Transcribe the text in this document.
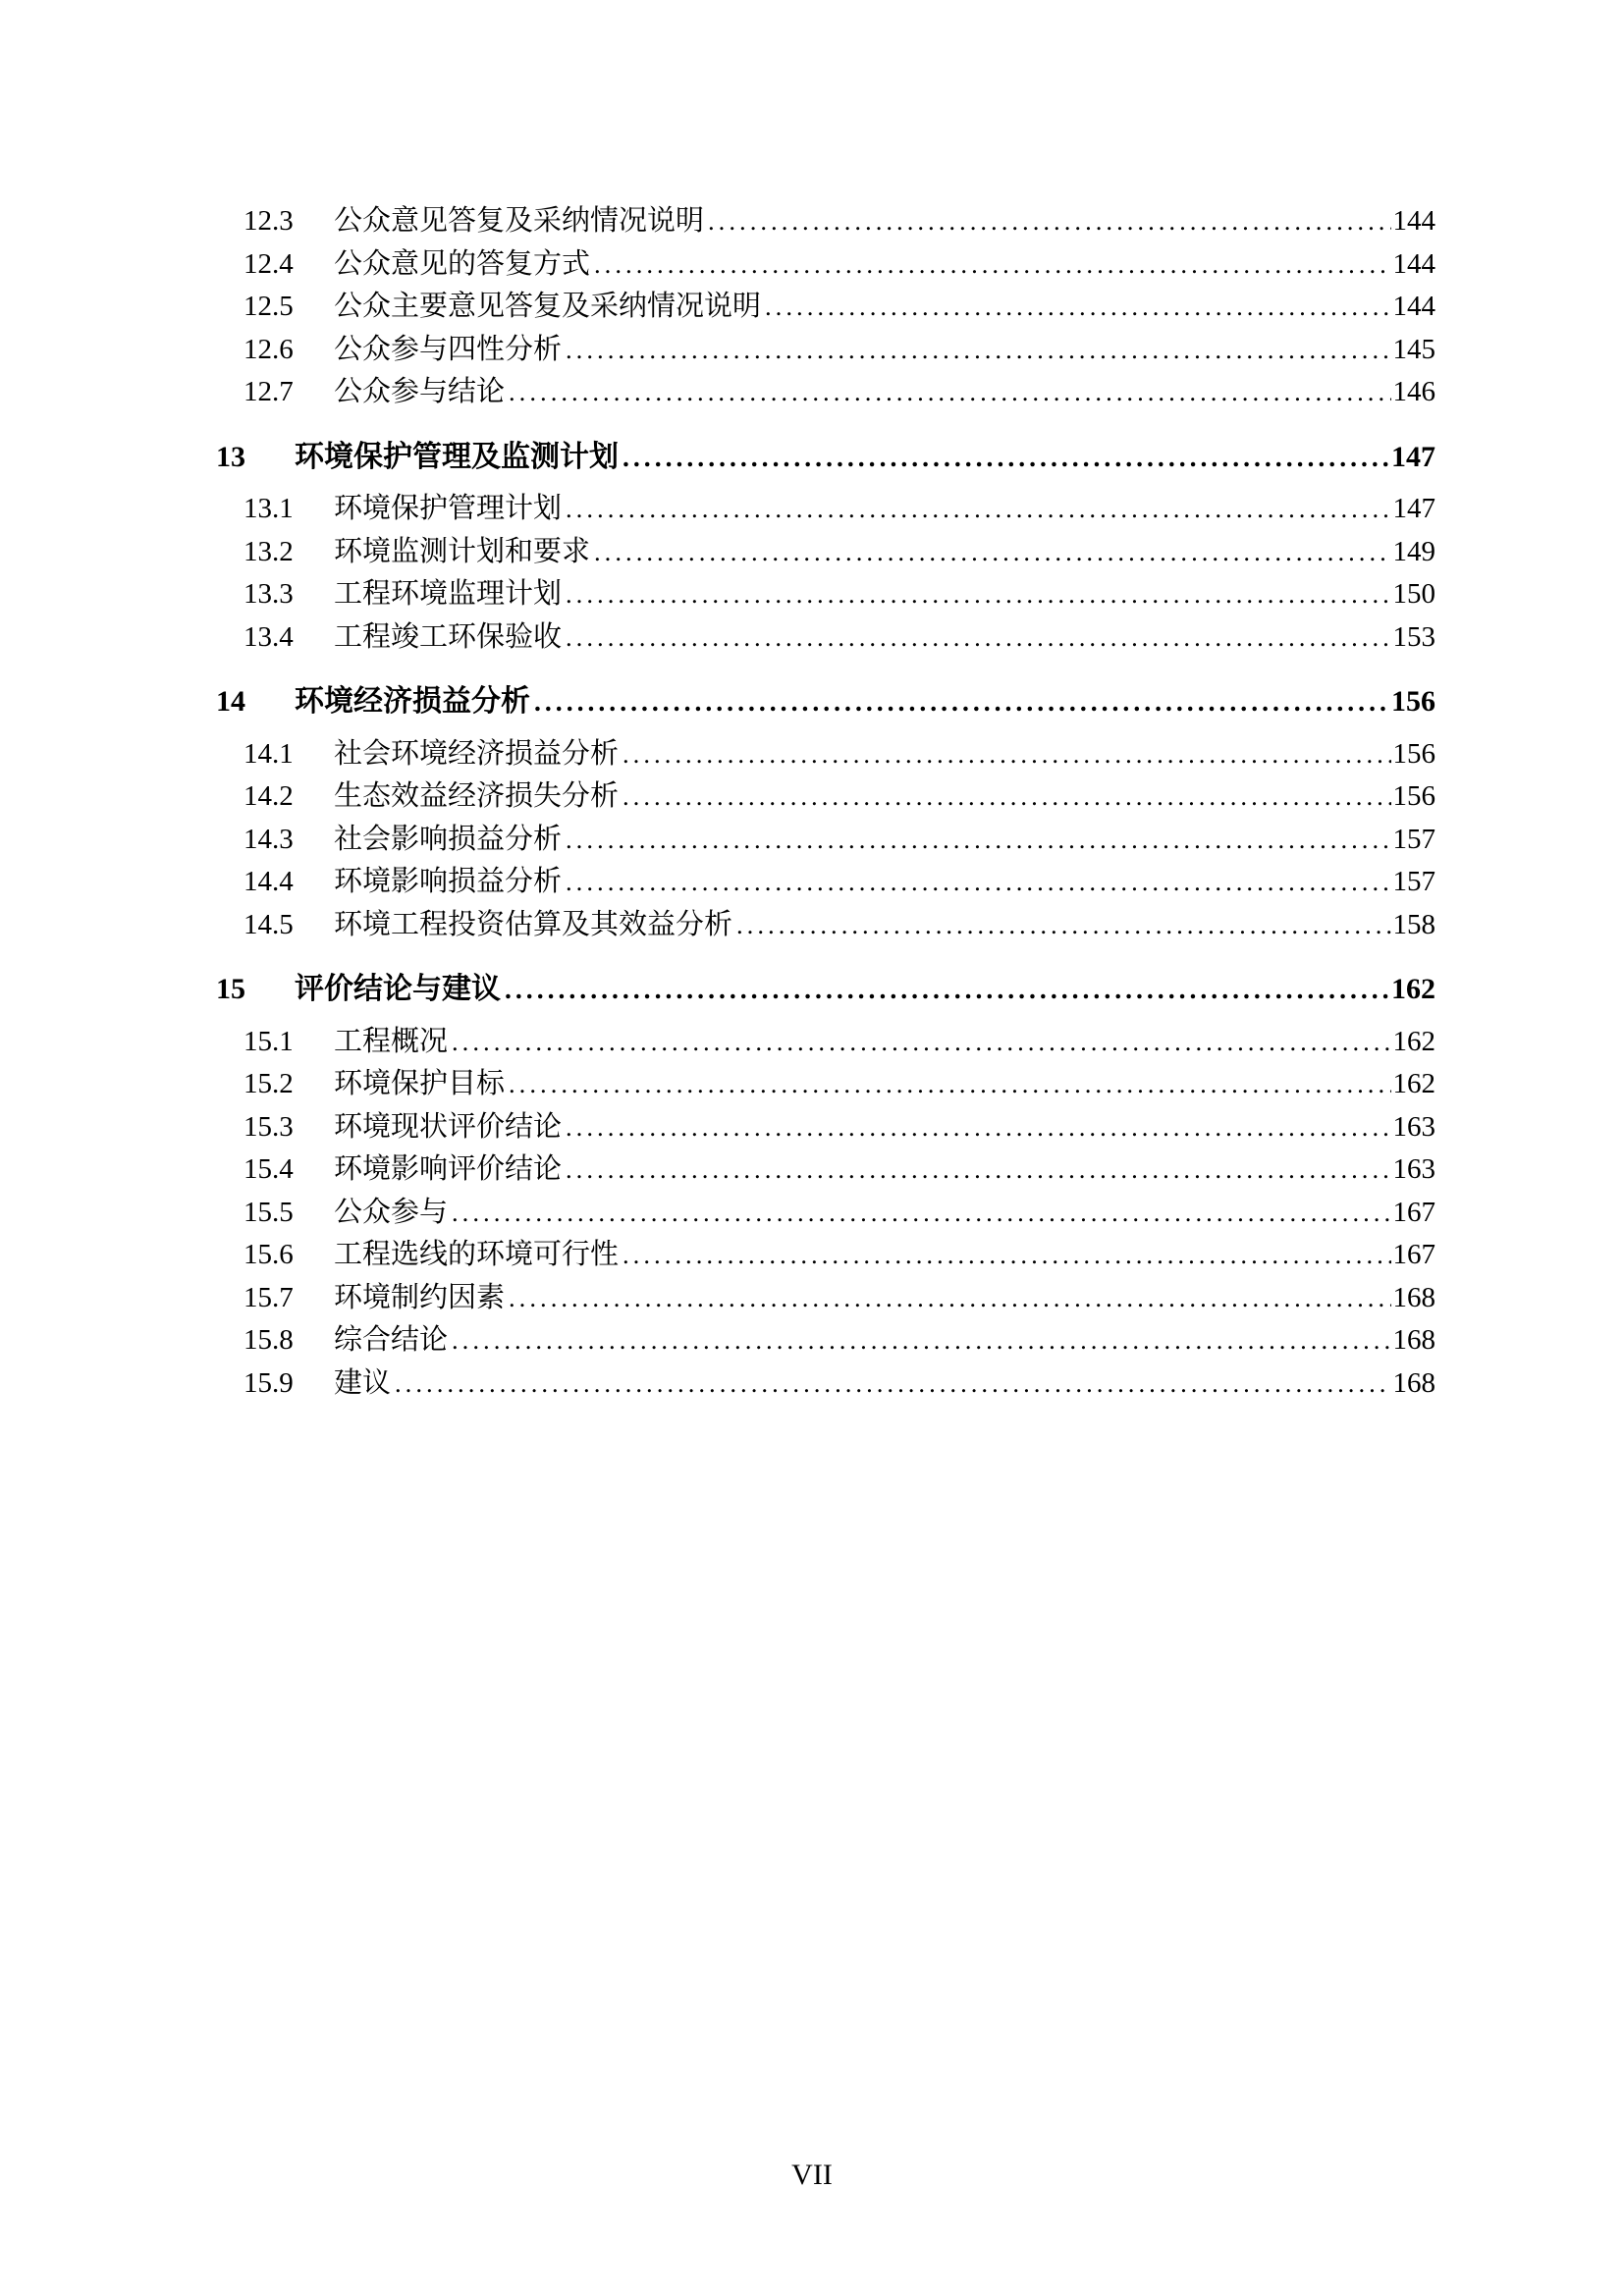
12.3	公众意见答复及采纳情况说明 .....	144
12.4	公众意见的答复方式 .....	144
12.5	公众主要意见答复及采纳情况说明 .....	144
12.6	公众参与四性分析 .....	145
12.7	公众参与结论 .....	146
13	环境保护管理及监测计划 .....	147
13.1	环境保护管理计划 .....	147
13.2	环境监测计划和要求 .....	149
13.3	工程环境监理计划 .....	150
13.4	工程竣工环保验收 .....	153
14	环境经济损益分析 .....	156
14.1	社会环境经济损益分析 .....	156
14.2	生态效益经济损失分析 .....	156
14.3	社会影响损益分析 .....	157
14.4	环境影响损益分析 .....	157
14.5	环境工程投资估算及其效益分析 .....	158
15	评价结论与建议 .....	162
15.1	工程概况 .....	162
15.2	环境保护目标 .....	162
15.3	环境现状评价结论 .....	163
15.4	环境影响评价结论 .....	163
15.5	公众参与 .....	167
15.6	工程选线的环境可行性 .....	167
15.7	环境制约因素 .....	168
15.8	综合结论 .....	168
15.9	建议 .....	168
VII
